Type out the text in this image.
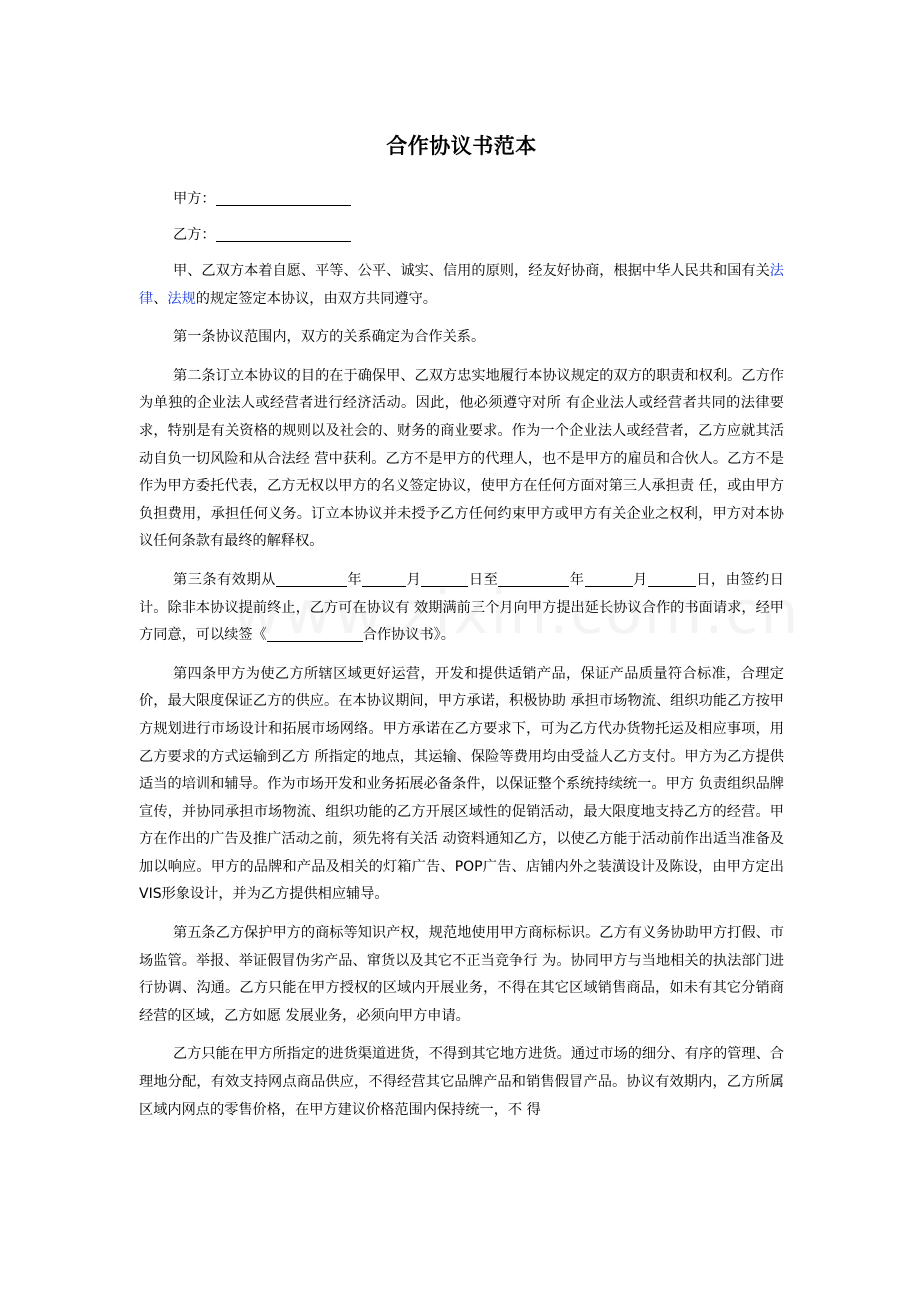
合作协议书范本

甲方：

乙方：

甲、乙双方本着自愿、平等、公平、诚实、信用的原则，经友好协商，根据中华人民共和国有关法律、法规的规定签定本协议，由双方共同遵守。

第一条协议范围内，双方的关系确定为合作关系。

第二条订立本协议的目的在于确保甲、乙双方忠实地履行本协议规定的双方的职责和权利。乙方作为单独的企业法人或经营者进行经济活动。因此，他必须遵守对所 有企业法人或经营者共同的法律要求，特别是有关资格的规则以及社会的、财务的商业要求。作为一个企业法人或经营者，乙方应就其活动自负一切风险和从合法经 营中获利。乙方不是甲方的代理人，也不是甲方的雇员和合伙人。乙方不是作为甲方委托代表，乙方无权以甲方的名义签定协议，使甲方在任何方面对第三人承担责 任，或由甲方负担费用，承担任何义务。订立本协议并未授予乙方任何约束甲方或甲方有关企业之权利，甲方对本协议任何条款有最终的解释权。

第三条有效期从	年	月	日至	年	月	日，由签约日计。除非本协议提前终止，乙方可在协议有 效期满前三个月向甲方提出延长协议合作的书面请求，经甲方同意，可以续签《	合作协议书》。

第四条甲方为使乙方所辖区域更好运营，开发和提供适销产品，保证产品质量符合标准，合理定价，最大限度保证乙方的供应。在本协议期间，甲方承诺，积极协助 承担市场物流、组织功能乙方按甲方规划进行市场设计和拓展市场网络。甲方承诺在乙方要求下，可为乙方代办货物托运及相应事项，用乙方要求的方式运输到乙方 所指定的地点，其运输、保险等费用均由受益人乙方支付。甲方为乙方提供适当的培训和辅导。作为市场开发和业务拓展必备条件，以保证整个系统持续统一。甲方 负责组织品牌宣传，并协同承担市场物流、组织功能的乙方开展区域性的促销活动，最大限度地支持乙方的经营。甲方在作出的广告及推广活动之前，须先将有关活 动资料通知乙方，以使乙方能于活动前作出适当准备及加以响应。甲方的品牌和产品及相关的灯箱广告、POP广告、店铺内外之装潢设计及陈设，由甲方定出 VIS形象设计，并为乙方提供相应辅导。

第五条乙方保护甲方的商标等知识产权，规范地使用甲方商标标识。乙方有义务协助甲方打假、市场监管。举报、举证假冒伪劣产品、窜货以及其它不正当竞争行 为。协同甲方与当地相关的执法部门进行协调、沟通。乙方只能在甲方授权的区域内开展业务，不得在其它区域销售商品，如未有其它分销商经营的区域，乙方如愿 发展业务，必须向甲方申请。

乙方只能在甲方所指定的进货渠道进货，不得到其它地方进货。通过市场的细分、有序的管理、合 理地分配，有效支持网点商品供应，不得经营其它品牌产品和销售假冒产品。协议有效期内，乙方所属区域内网点的零售价格，在甲方建议价格范围内保持统一，不 得
